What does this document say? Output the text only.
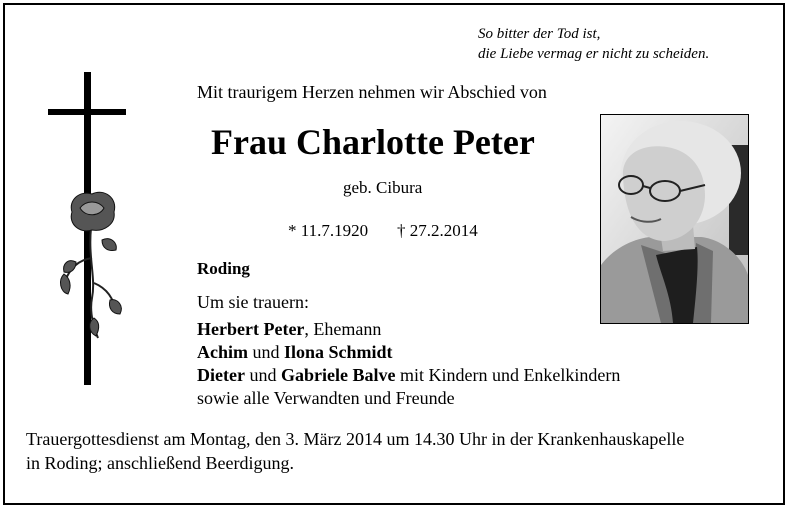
So bitter der Tod ist,
die Liebe vermag er nicht zu scheiden.
Mit traurigem Herzen nehmen wir Abschied von
Frau Charlotte Peter
geb. Cibura
* 11.7.1920 † 27.2.2014
Roding
Um sie trauern:
Herbert Peter, Ehemann
Achim und Ilona Schmidt
Dieter und Gabriele Balve mit Kindern und Enkelkindern
sowie alle Verwandten und Freunde
Trauergottesdienst am Montag, den 3. März 2014 um 14.30 Uhr in der Krankenhauskapelle
in Roding; anschließend Beerdigung.
